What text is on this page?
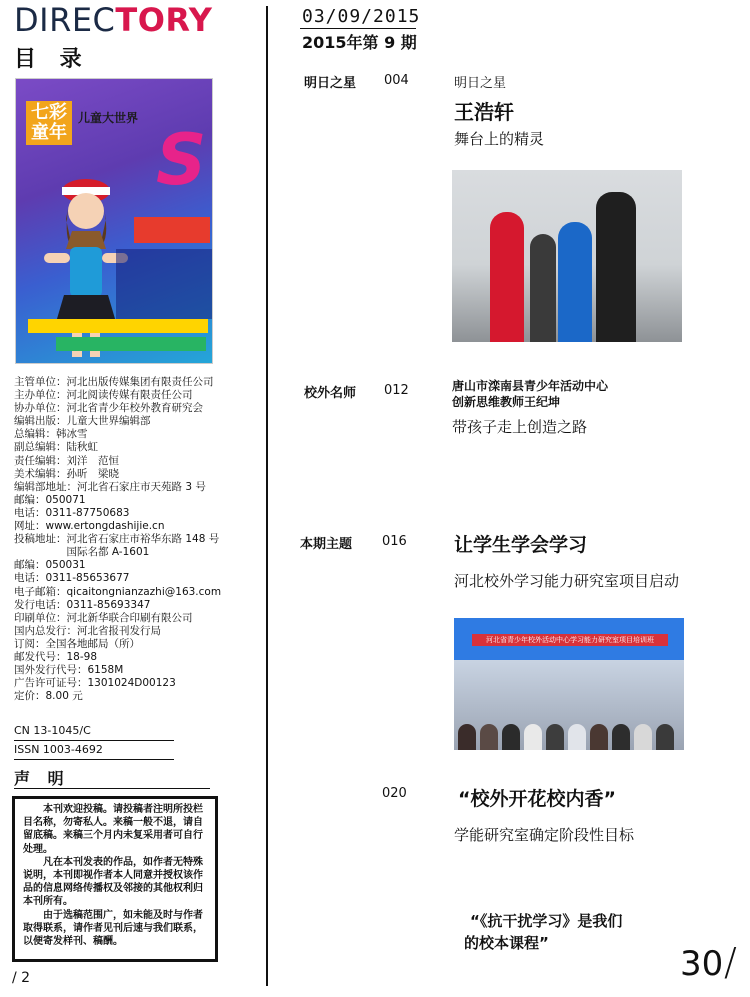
DIRECTORY
目 录
03/09/2015
2015年第 9 期
七彩童年
儿童大世界
S
主管单位：河北出版传媒集团有限责任公司
主办单位：河北阅读传媒有限责任公司
协办单位：河北省青少年校外教育研究会
编辑出版：儿童大世界编辑部
总编辑：韩冰雪
副总编辑：陆秋虹
责任编辑：刘洋　范恒
美术编辑：孙昕　梁晓
编辑部地址：河北省石家庄市天苑路 3 号
邮编：050071
电话：0311-87750683
网址：www.ertongdashijie.cn
投稿地址：河北省石家庄市裕华东路 148 号
　　　　　国际名都 A-1601
邮编：050031
电话：0311-85653677
电子邮箱：qicaitongnianzazhi@163.com
发行电话：0311-85693347
印刷单位：河北新华联合印刷有限公司
国内总发行：河北省报刊发行局
订阅：全国各地邮局（所）
邮发代号：18-98
国外发行代号：6158M
广告许可证号：1301024D00123
定价：8.00 元
CN 13-1045/C
ISSN 1003-4692
声 明

本刊欢迎投稿。请投稿者注明所投栏目名称，勿寄私人。来稿一般不退，请自留底稿。来稿三个月内未复采用者可自行处理。

凡在本刊发表的作品，如作者无特殊说明，本刊即视作者本人同意并授权该作品的信息网络传播权及邻接的其他权利归本刊所有。

由于选稿范围广，如未能及时与作者取得联系，请作者见刊后速与我们联系，以便寄发样刊、稿酬。

/ 2
明日之星 004	明日之星
王浩轩
舞台上的精灵
校外名师 012	唐山市滦南县青少年活动中心
创新思维教师王纪坤
带孩子走上创造之路
本期主题 016 让学生学会学习
河北校外学习能力研究室项目启动
河北省青少年校外活动中心学习能力研究室项目培训班
020	“校外开花校内香”
学能研究室确定阶段性目标
“《抗干扰学习》是我们
的校本课程”
30 /
